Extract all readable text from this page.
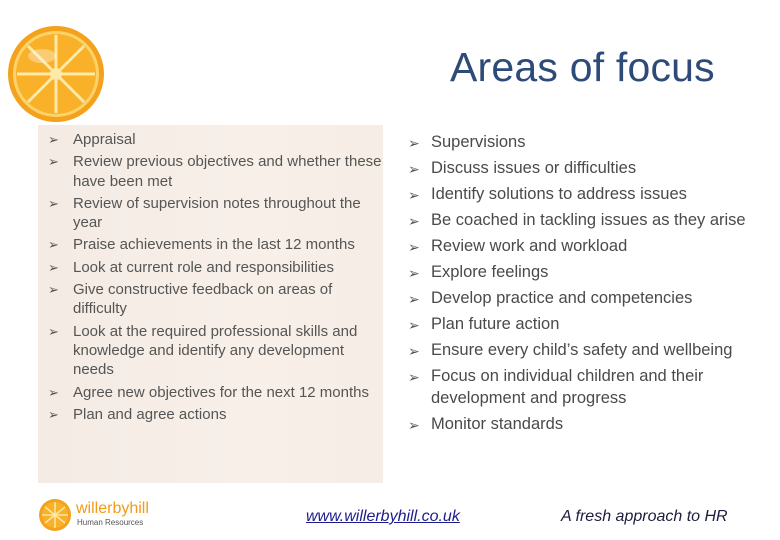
Areas of focus
➢ Appraisal
➢ Review previous objectives and whether these have been met
➢ Review of supervision notes throughout the year
➢ Praise achievements in the last 12 months
➢ Look at current role and responsibilities
➢ Give constructive feedback on areas of difficulty
➢ Look at the required professional skills and knowledge and identify any development needs
➢ Agree new objectives for the next 12 months
➢ Plan and agree actions
➢ Supervisions
➢ Discuss issues or difficulties
➢ Identify solutions to address issues
➢ Be coached in tackling issues as they arise
➢ Review work and workload
➢ Explore feelings
➢ Develop practice and competencies
➢ Plan future action
➢ Ensure every child’s safety and wellbeing
➢ Focus on individual children and their development and progress
➢ Monitor standards
willerbyhill
Human Resources	www.willerbyhill.co.uk	A fresh approach to HR
